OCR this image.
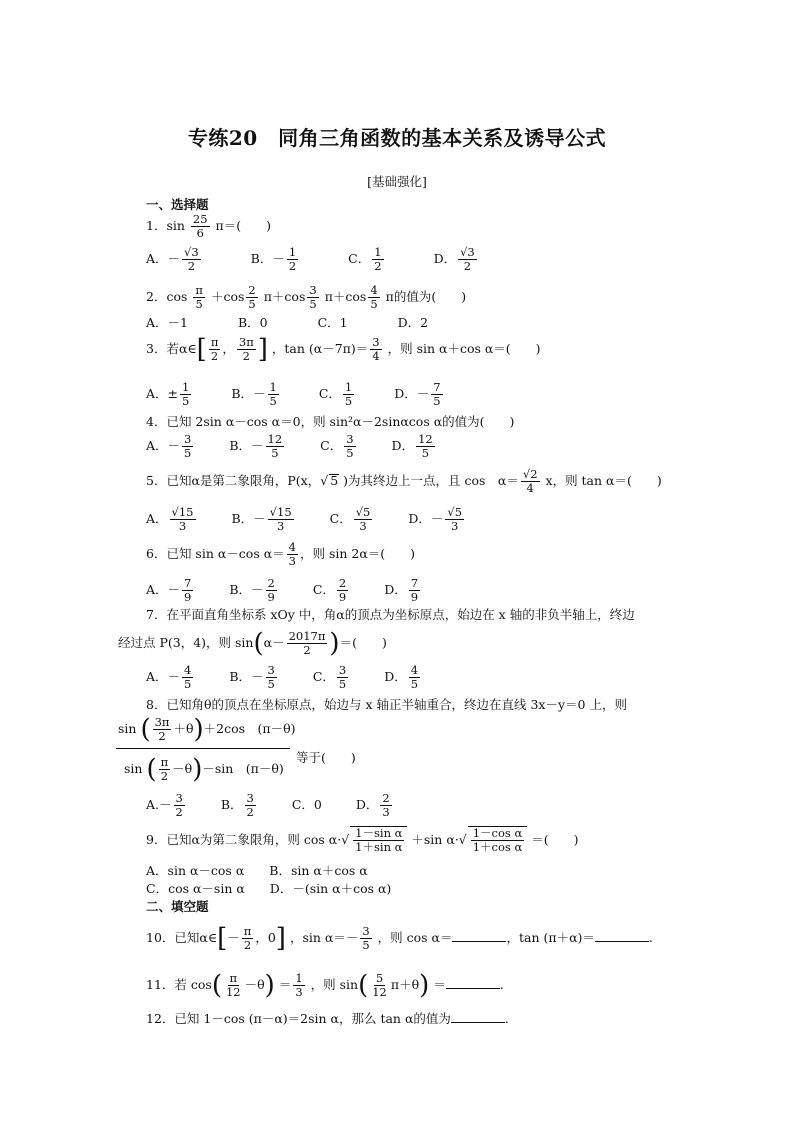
专练20　同角三角函数的基本关系及诱导公式
[基础强化]
一、选择题
1．$\sin \frac{25}{6} \pi=$(　　)
A．－ $\frac{√3}{2}$	B．－ $\frac{1}{2}$	C． $\frac{1}{2}$	D． $\frac{√3}{2}$
2．$\cos \frac{\pi}{5} +\cos \frac{2}{5} \pi+\cos \frac{3}{5} \pi+\cos \frac{4}{5}$ π的值为(　　)
A．－1　　　　B．0　　　　C．1　　　　D．2
3．若α∈[ $\frac{\pi}{2}$ ， $\frac{3\pi}{2}$ ] ，$\tan (\alpha-7\pi)= \frac{3}{4}$ ，则 sin α＋cos α＝(　　)
A．± $\frac{1}{5}$	B．－ $\frac{1}{5}$	C． $\frac{1}{5}$	D．－ $\frac{7}{5}$
4．已知 2sin α－cos α＝0，则 sin²α－2sinαcos α的值为(　　)
A．－ $\frac{3}{5}$	B．－ $\frac{12}{5}$	C． $\frac{3}{5}$	D． $\frac{12}{5}$
5．已知α是第二象限角，P(x，√ 5 )为其终边上一点，且 cos　$\alpha= \frac{√2}{4}$ x，则 tan α＝(　　)
A． $\frac{√15}{3}$	B．－ $\frac{√15}{3}$	C． $\frac{√5}{3}$	D．－ $\frac{√5}{3}$
6．已知 sin α－cos $\alpha= \frac{4}{3}$ ，则 sin 2α＝(　　)
A．－ $\frac{7}{9}$	B．－ $\frac{2}{9}$	C． $\frac{2}{9}$	D． $\frac{7}{9}$
7．在平面直角坐标系 xOy 中，角α的顶点为坐标原点，始边在 x 轴的非负半轴上，终边
经过点 P(3，4)，则 $\sin(\alpha- \frac{2017\pi}{2}$ )＝(　　)
A．－ $\frac{4}{5}$	B．－ $\frac{3}{5}$	C． $\frac{3}{5}$	D． $\frac{4}{5}$
8．已知角θ的顶点在坐标原点，始边与 x 轴正半轴重合，终边在直线 3x－y＝0 上，则
sin ( $\frac{3\pi}{2} +\theta)+2\cos$　(π－θ)
sin ( $\frac{\pi}{2} -\theta)-\sin$　(π－θ)
等于(　　)
$A.- \frac{3}{2}$	B． $\frac{3}{2}$	C．0	D． $\frac{2}{3}$
9．已知α为第二象限角，则 $\cos \alpha\cdot√ \frac{\text{1－sin α}}{\text{1＋sin α}} +\sin$ $\alpha\cdot√ \frac{\text{1－cos α}}{\text{1＋cos α}}$ ＝(　　)
A．sin α－cos α　　B．sin α＋cos α
C．cos α－sin α　　D．－(sin α＋cos α)
二、填空题
10．已知α∈[－ $\frac{\pi}{2}$ ，0] ，$\sin \alpha=- \frac{3}{5}$ ，则 cos α＝	，tan (π＋α)＝	.
11．若 $\cos( \frac{\pi}{12} -\theta) = \frac{1}{3}$ ，则 $\sin( \frac{5}{12} \pi+\theta)$ ＝	.
12．已知 1－cos (π－α)＝2sin α，那么 tan α的值为	.
